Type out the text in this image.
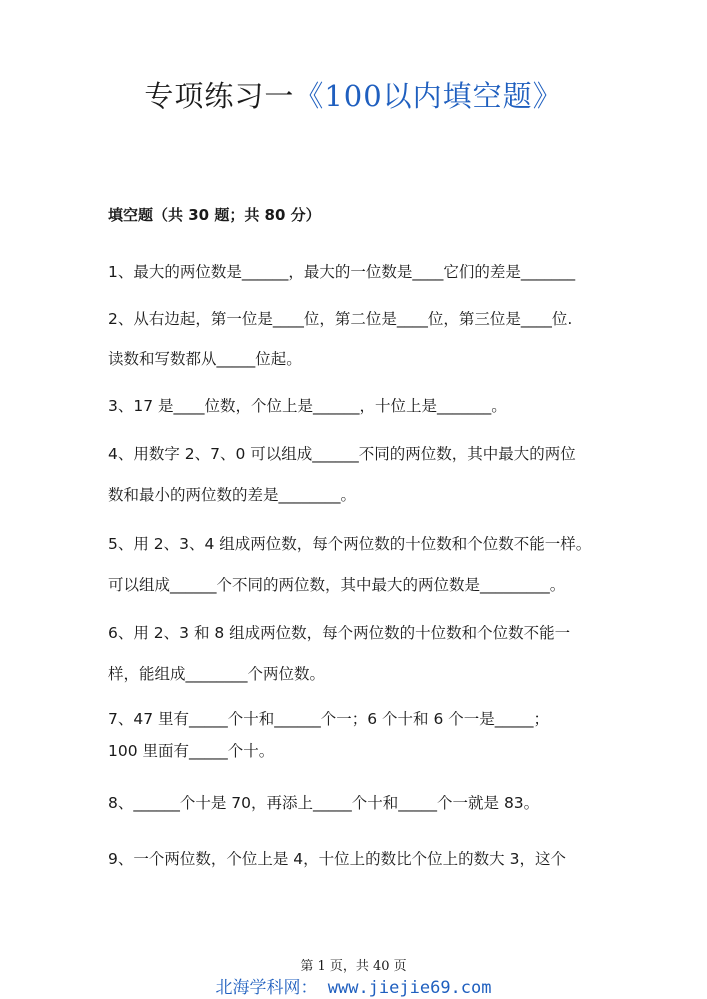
专项练习一《100以内填空题》
填空题（共 30 题；共 80 分）
1、最大的两位数是______，最大的一位数是____它们的差是_______
2、从右边起，第一位是____位，第二位是____位，第三位是____位.
读数和写数都从_____位起。
3、17 是____位数，个位上是______，十位上是_______。
4、用数字 2、7、0 可以组成______不同的两位数，其中最大的两位
数和最小的两位数的差是________。
5、用 2、3、4 组成两位数，每个两位数的十位数和个位数不能一样。
可以组成______个不同的两位数，其中最大的两位数是_________。
6、用 2、3 和 8 组成两位数，每个两位数的十位数和个位数不能一
样，能组成________个两位数。
7、47 里有_____个十和______个一；6 个十和 6 个一是_____；
100 里面有_____个十。
8、______个十是 70，再添上_____个十和_____个一就是 83。
9、一个两位数，个位上是 4，十位上的数比个位上的数大 3，这个
第 1 页，共 40 页
北海学科网： www.jiejie69.com
